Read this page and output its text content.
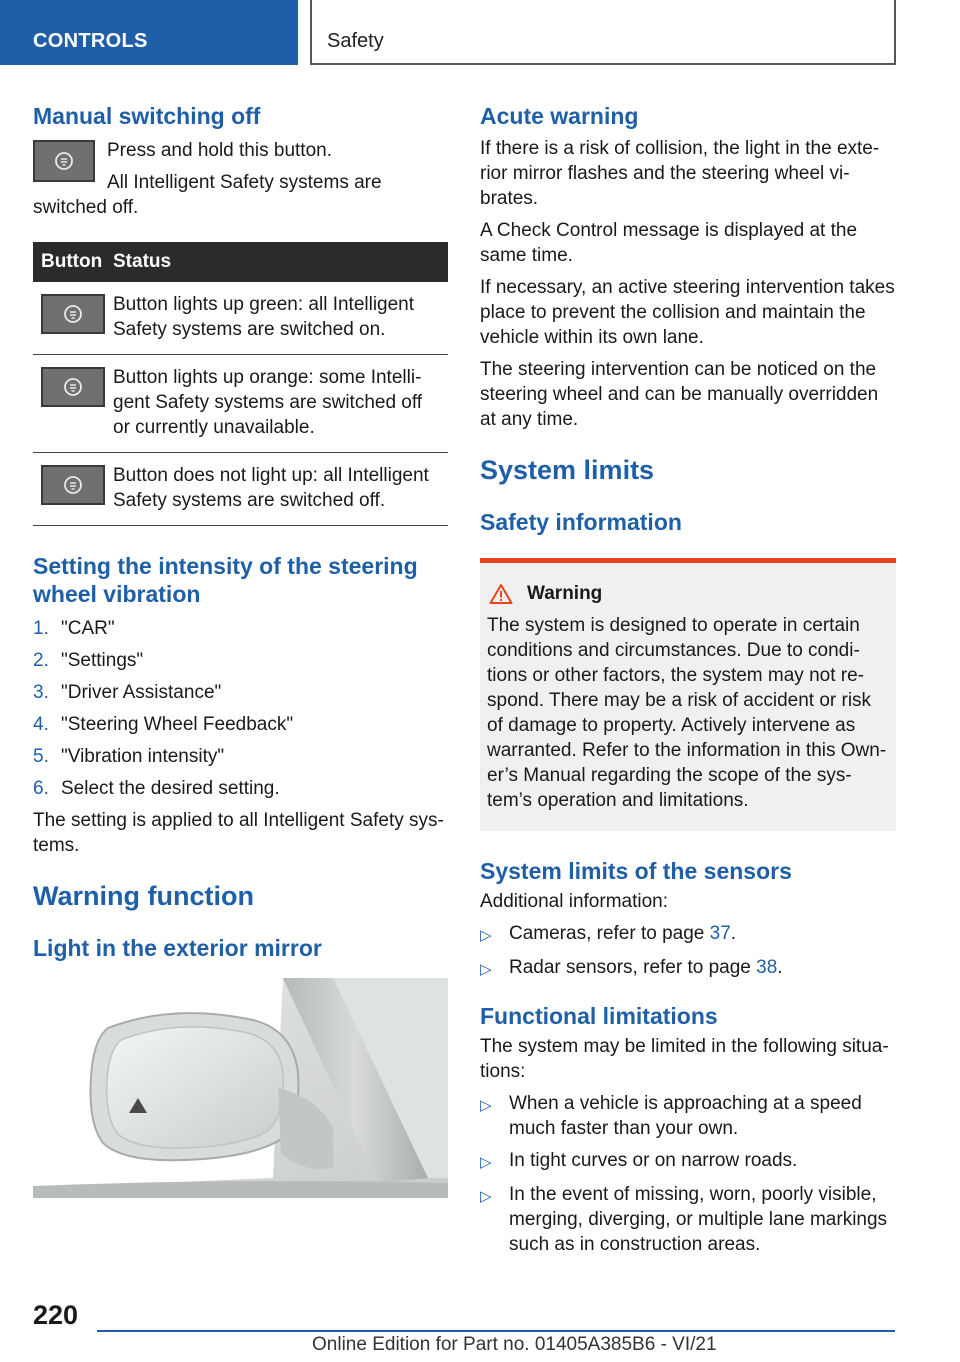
CONTROLS	Safety
Manual switching off
Press and hold this button.
All Intelligent Safety systems are
switched off.
Button	Status

	Button lights up green: all Intelligent Safety systems are switched on.

	Button lights up orange: some Intelligent Safety systems are switched off or currently unavailable.

	Button does not light up: all Intelligent Safety systems are switched off.
Setting the intensity of the steering wheel vibration
1. "CAR"
2. "Settings"
3. "Driver Assistance"
4. "Steering Wheel Feedback"
5. "Vibration intensity"
6. Select the desired setting.
The setting is applied to all Intelligent Safety systems.
Warning function
Light in the exterior mirror
Acute warning
If there is a risk of collision, the light in the exterior mirror flashes and the steering wheel vibrates.
A Check Control message is displayed at the same time.
If necessary, an active steering intervention takes place to prevent the collision and maintain the vehicle within its own lane.
The steering intervention can be noticed on the steering wheel and can be manually overridden at any time.
System limits
Safety information
Warning
The system is designed to operate in certain conditions and circumstances. Due to conditions or other factors, the system may not respond. There may be a risk of accident or risk of damage to property. Actively intervene as warranted. Refer to the information in this Owner’s Manual regarding the scope of the system’s operation and limitations.
System limits of the sensors
Additional information:
▷ Cameras, refer to page 37.
▷ Radar sensors, refer to page 38.
Functional limitations
The system may be limited in the following situations:
▷ When a vehicle is approaching at a speed much faster than your own.
▷ In tight curves or on narrow roads.
▷ In the event of missing, worn, poorly visible, merging, diverging, or multiple lane markings such as in construction areas.
220
Online Edition for Part no. 01405A385B6 - VI/21
